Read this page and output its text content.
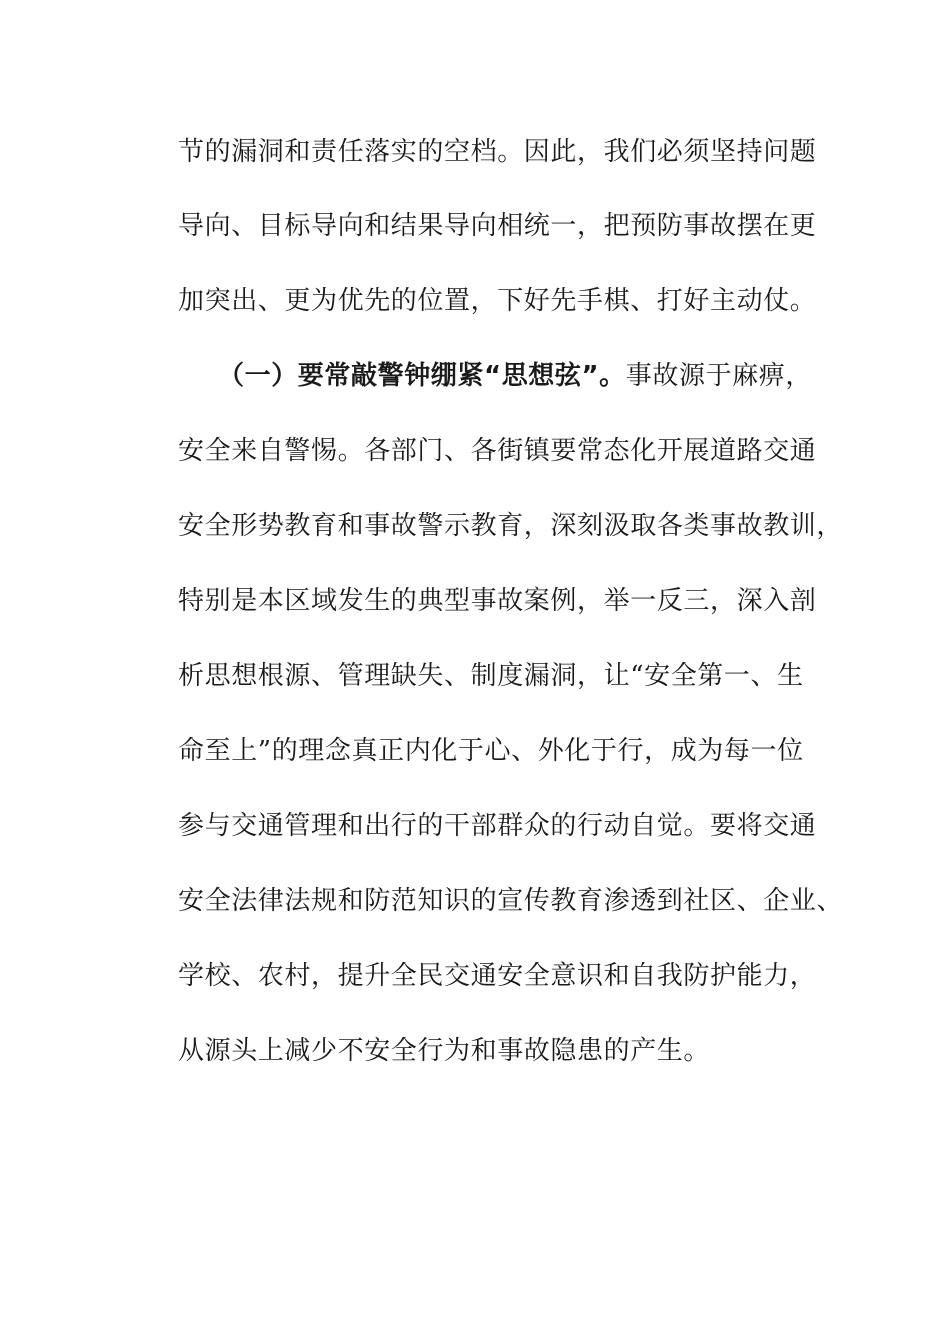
节的漏洞和责任落实的空档。因此，我们必须坚持问题
导向、目标导向和结果导向相统一，把预防事故摆在更
加突出、更为优先的位置，下好先手棋、打好主动仗。
（一）要常敲警钟绷紧“思想弦”。事故源于麻痹，
安全来自警惕。各部门、各街镇要常态化开展道路交通
安全形势教育和事故警示教育，深刻汲取各类事故教训，
特别是本区域发生的典型事故案例，举一反三，深入剖
析思想根源、管理缺失、制度漏洞，让“安全第一、生
命至上”的理念真正内化于心、外化于行，成为每一位
参与交通管理和出行的干部群众的行动自觉。要将交通
安全法律法规和防范知识的宣传教育渗透到社区、企业、
学校、农村，提升全民交通安全意识和自我防护能力，
从源头上减少不安全行为和事故隐患的产生。
